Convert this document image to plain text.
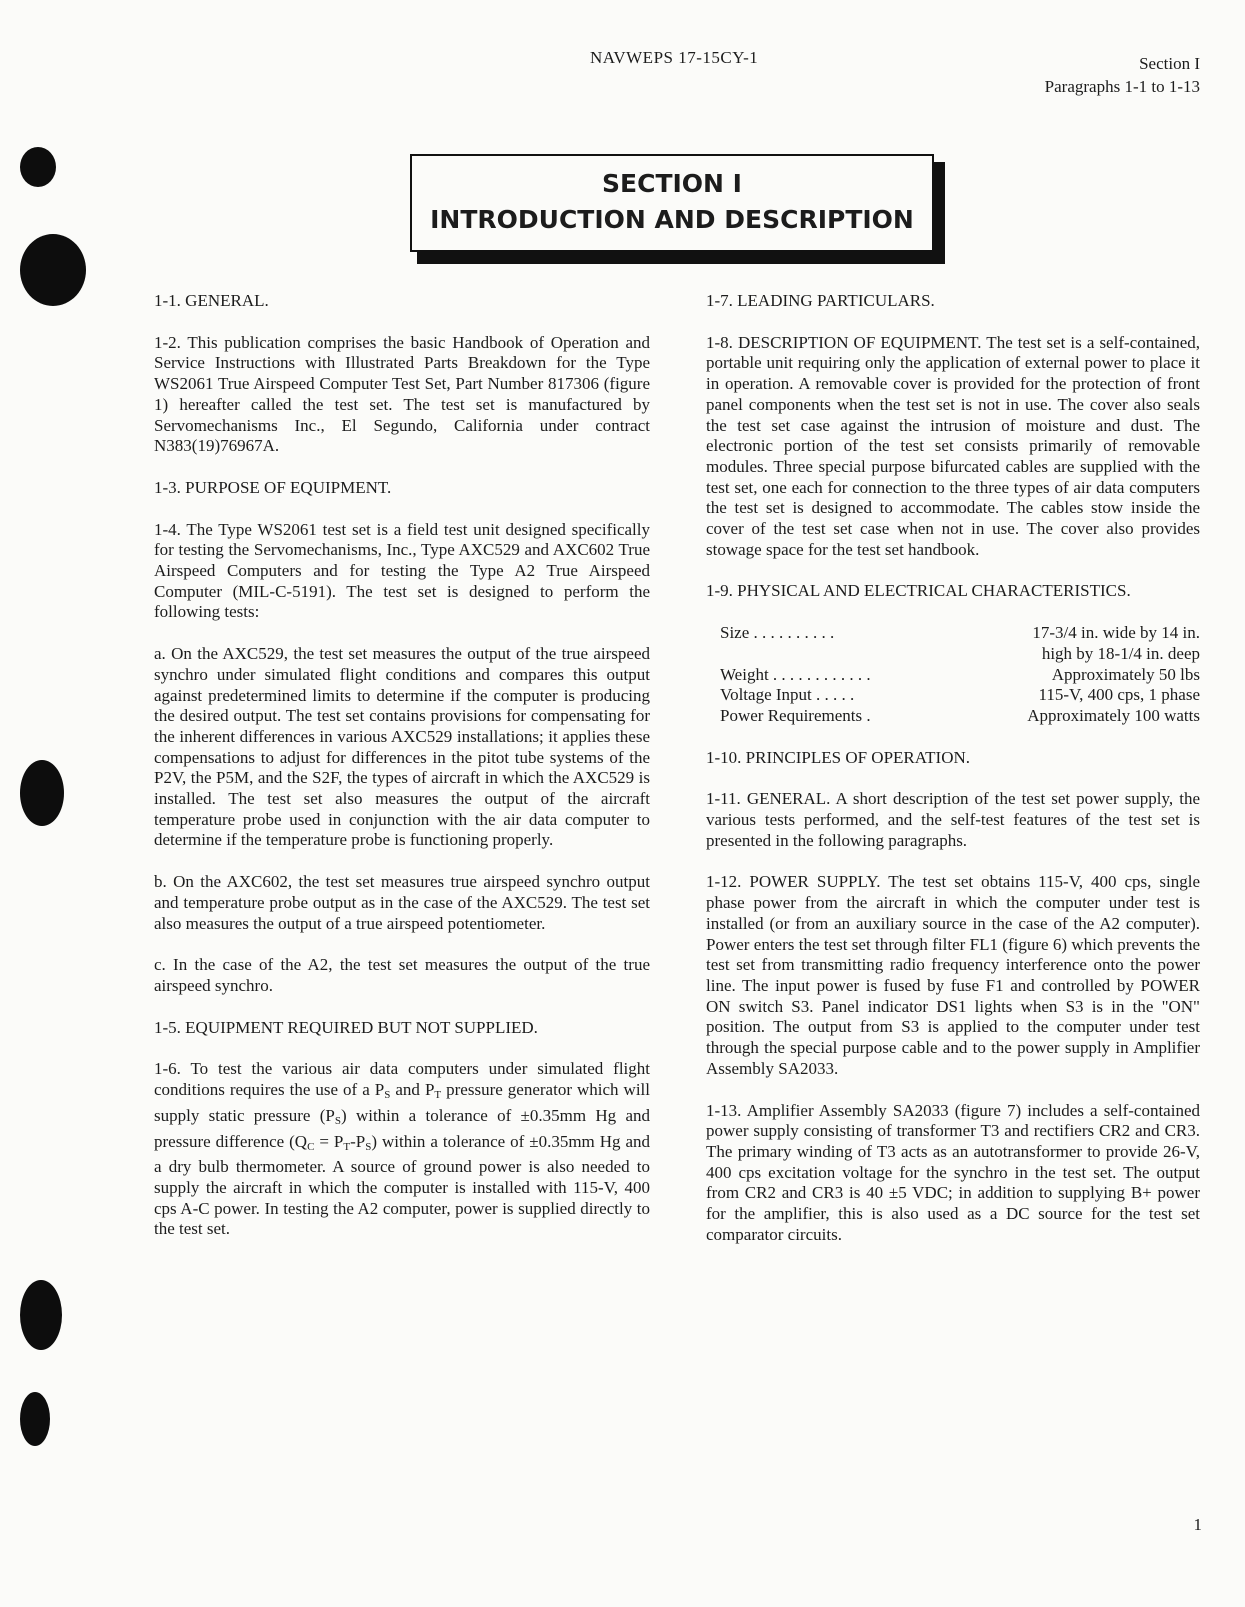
NAVWEPS 17-15CY-1	Section I
Paragraphs 1-1 to 1-13
SECTION I
INTRODUCTION AND DESCRIPTION

1-1. GENERAL.

1-2. This publication comprises the basic Handbook of Operation and Service Instructions with Illustrated Parts Breakdown for the Type WS2061 True Airspeed Computer Test Set, Part Number 817306 (figure 1) hereafter called the test set. The test set is manufactured by Servomechanisms Inc., El Segundo, California under contract N383(19)76967A.

1-3. PURPOSE OF EQUIPMENT.

1-4. The Type WS2061 test set is a field test unit designed specifically for testing the Servomechanisms, Inc., Type AXC529 and AXC602 True Airspeed Computers and for testing the Type A2 True Airspeed Computer (MIL-C-5191). The test set is designed to perform the following tests:

a. On the AXC529, the test set measures the output of the true airspeed synchro under simulated flight conditions and compares this output against predetermined limits to determine if the computer is producing the desired output. The test set contains provisions for compensating for the inherent differences in various AXC529 installations; it applies these compensations to adjust for differences in the pitot tube systems of the P2V, the P5M, and the S2F, the types of aircraft in which the AXC529 is installed. The test set also measures the output of the aircraft temperature probe used in conjunction with the air data computer to determine if the temperature probe is functioning properly.

b. On the AXC602, the test set measures true airspeed synchro output and temperature probe output as in the case of the AXC529. The test set also measures the output of a true airspeed potentiometer.

c. In the case of the A2, the test set measures the output of the true airspeed synchro.

1-5. EQUIPMENT REQUIRED BUT NOT SUPPLIED.

1-6. To test the various air data computers under simulated flight conditions requires the use of a $P_S$ and $P_T$ pressure generator which will supply static pressure $(P_S)$ within a tolerance of ±0.35mm Hg and pressure difference $(Q_C = P_T-P_S)$ within a tolerance of ±0.35mm Hg and a dry bulb thermometer. A source of ground power is also needed to supply the aircraft in which the computer is installed with 115-V, 400 cps A-C power. In testing the A2 computer, power is supplied directly to the test set.

1-7. LEADING PARTICULARS.

1-8. DESCRIPTION OF EQUIPMENT. The test set is a self-contained, portable unit requiring only the application of external power to place it in operation. A removable cover is provided for the protection of front panel components when the test set is not in use. The cover also seals the test set case against the intrusion of moisture and dust. The electronic portion of the test set consists primarily of removable modules. Three special purpose bifurcated cables are supplied with the test set, one each for connection to the three types of air data computers the test set is designed to accommodate. The cables stow inside the cover of the test set case when not in use. The cover also provides stowage space for the test set handbook.

1-9. PHYSICAL AND ELECTRICAL CHARACTERISTICS.

Size . . . . . . . . . .	17-3/4 in. wide by 14 in.
	high by 18-1/4 in. deep
Weight . . . . . . . . . . . .	Approximately 50 lbs
Voltage Input . . . . .	115-V, 400 cps, 1 phase
Power Requirements .	Approximately 100 watts

1-10. PRINCIPLES OF OPERATION.

1-11. GENERAL. A short description of the test set power supply, the various tests performed, and the self-test features of the test set is presented in the following paragraphs.

1-12. POWER SUPPLY. The test set obtains 115-V, 400 cps, single phase power from the aircraft in which the computer under test is installed (or from an auxiliary source in the case of the A2 computer). Power enters the test set through filter FL1 (figure 6) which prevents the test set from transmitting radio frequency interference onto the power line. The input power is fused by fuse F1 and controlled by POWER ON switch S3. Panel indicator DS1 lights when S3 is in the "ON" position. The output from S3 is applied to the computer under test through the special purpose cable and to the power supply in Amplifier Assembly SA2033.

1-13. Amplifier Assembly SA2033 (figure 7) includes a self-contained power supply consisting of transformer T3 and rectifiers CR2 and CR3. The primary winding of T3 acts as an autotransformer to provide 26-V, 400 cps excitation voltage for the synchro in the test set. The output from CR2 and CR3 is 40 ±5 VDC; in addition to supplying B+ power for the amplifier, this is also used as a DC source for the test set comparator circuits.

1
